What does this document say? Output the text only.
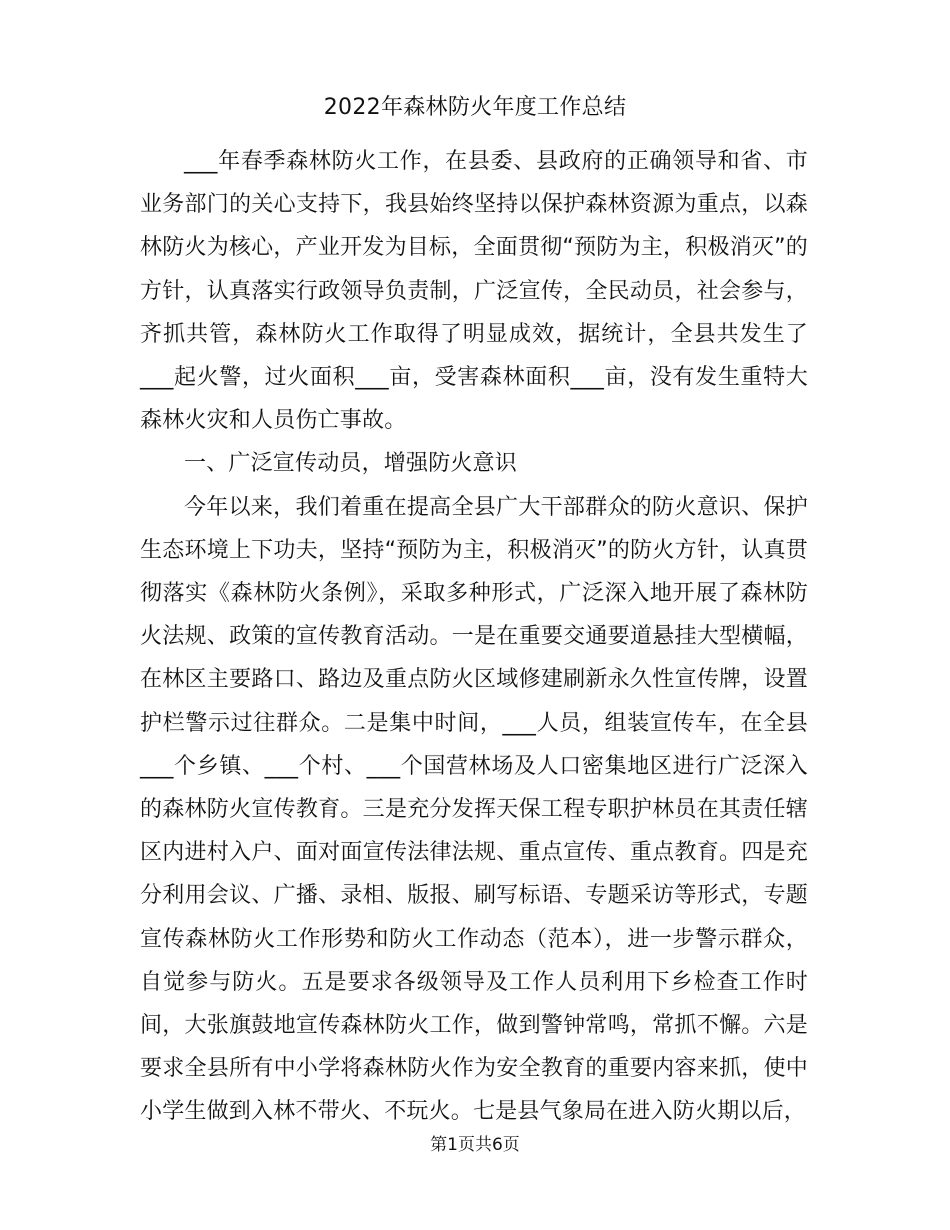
2022年森林防火年度工作总结

___年春季森林防火工作，在县委、县政府的正确领导和省、市业务部门的关心支持下，我县始终坚持以保护森林资源为重点，以森林防火为核心，产业开发为目标，全面贯彻“预防为主，积极消灭”的方针，认真落实行政领导负责制，广泛宣传，全民动员，社会参与，齐抓共管，森林防火工作取得了明显成效，据统计，全县共发生了___起火警，过火面积___亩，受害森林面积___亩，没有发生重特大森林火灾和人员伤亡事故。

一、广泛宣传动员，增强防火意识

今年以来，我们着重在提高全县广大干部群众的防火意识、保护生态环境上下功夫，坚持“预防为主，积极消灭”的防火方针，认真贯彻落实《森林防火条例》，采取多种形式，广泛深入地开展了森林防火法规、政策的宣传教育活动。一是在重要交通要道悬挂大型横幅，在林区主要路口、路边及重点防火区域修建刷新永久性宣传牌，设置护栏警示过往群众。二是集中时间，___人员，组装宣传车，在全县___个乡镇、___个村、___个国营林场及人口密集地区进行广泛深入的森林防火宣传教育。三是充分发挥天保工程专职护林员在其责任辖区内进村入户、面对面宣传法律法规、重点宣传、重点教育。四是充分利用会议、广播、录相、版报、刷写标语、专题采访等形式，专题宣传森林防火工作形势和防火工作动态（范本），进一步警示群众，自觉参与防火。五是要求各级领导及工作人员利用下乡检查工作时间，大张旗鼓地宣传森林防火工作，做到警钟常鸣，常抓不懈。六是要求全县所有中小学将森林防火作为安全教育的重要内容来抓，使中小学生做到入林不带火、不玩火。七是县气象局在进入防火期以后，

第1页共6页
